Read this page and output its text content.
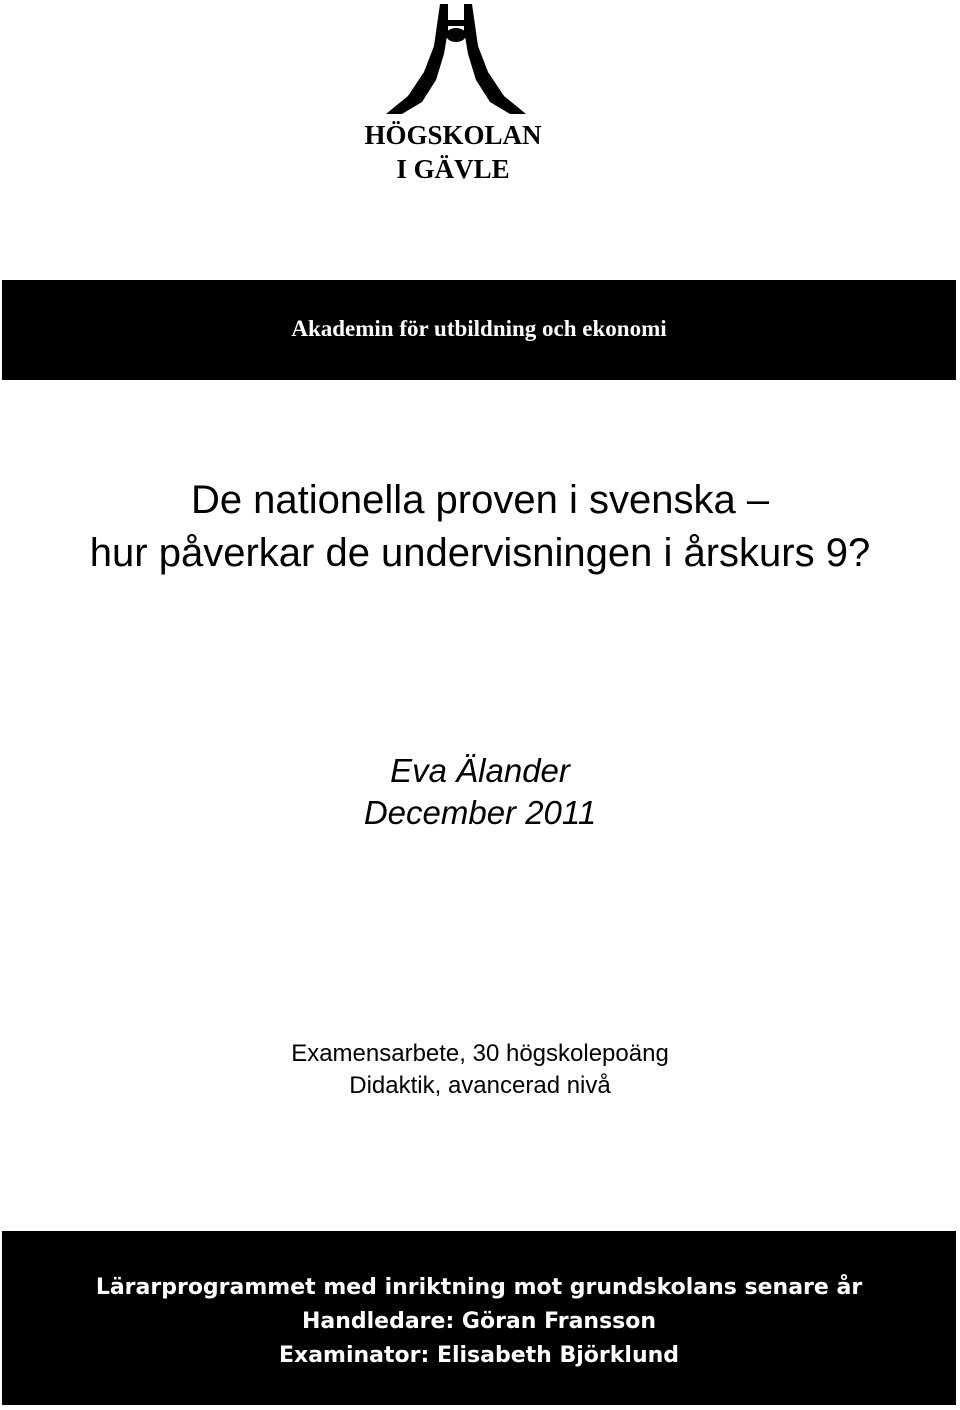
HÖGSKOLAN
I GÄVLE
Akademin för utbildning och ekonomi
De nationella proven i svenska –
hur påverkar de undervisningen i årskurs 9?
Eva Älander
December 2011
Examensarbete, 30 högskolepoäng
Didaktik, avancerad nivå
Lärarprogrammet med inriktning mot grundskolans senare år
Handledare: Göran Fransson
Examinator: Elisabeth Björklund
